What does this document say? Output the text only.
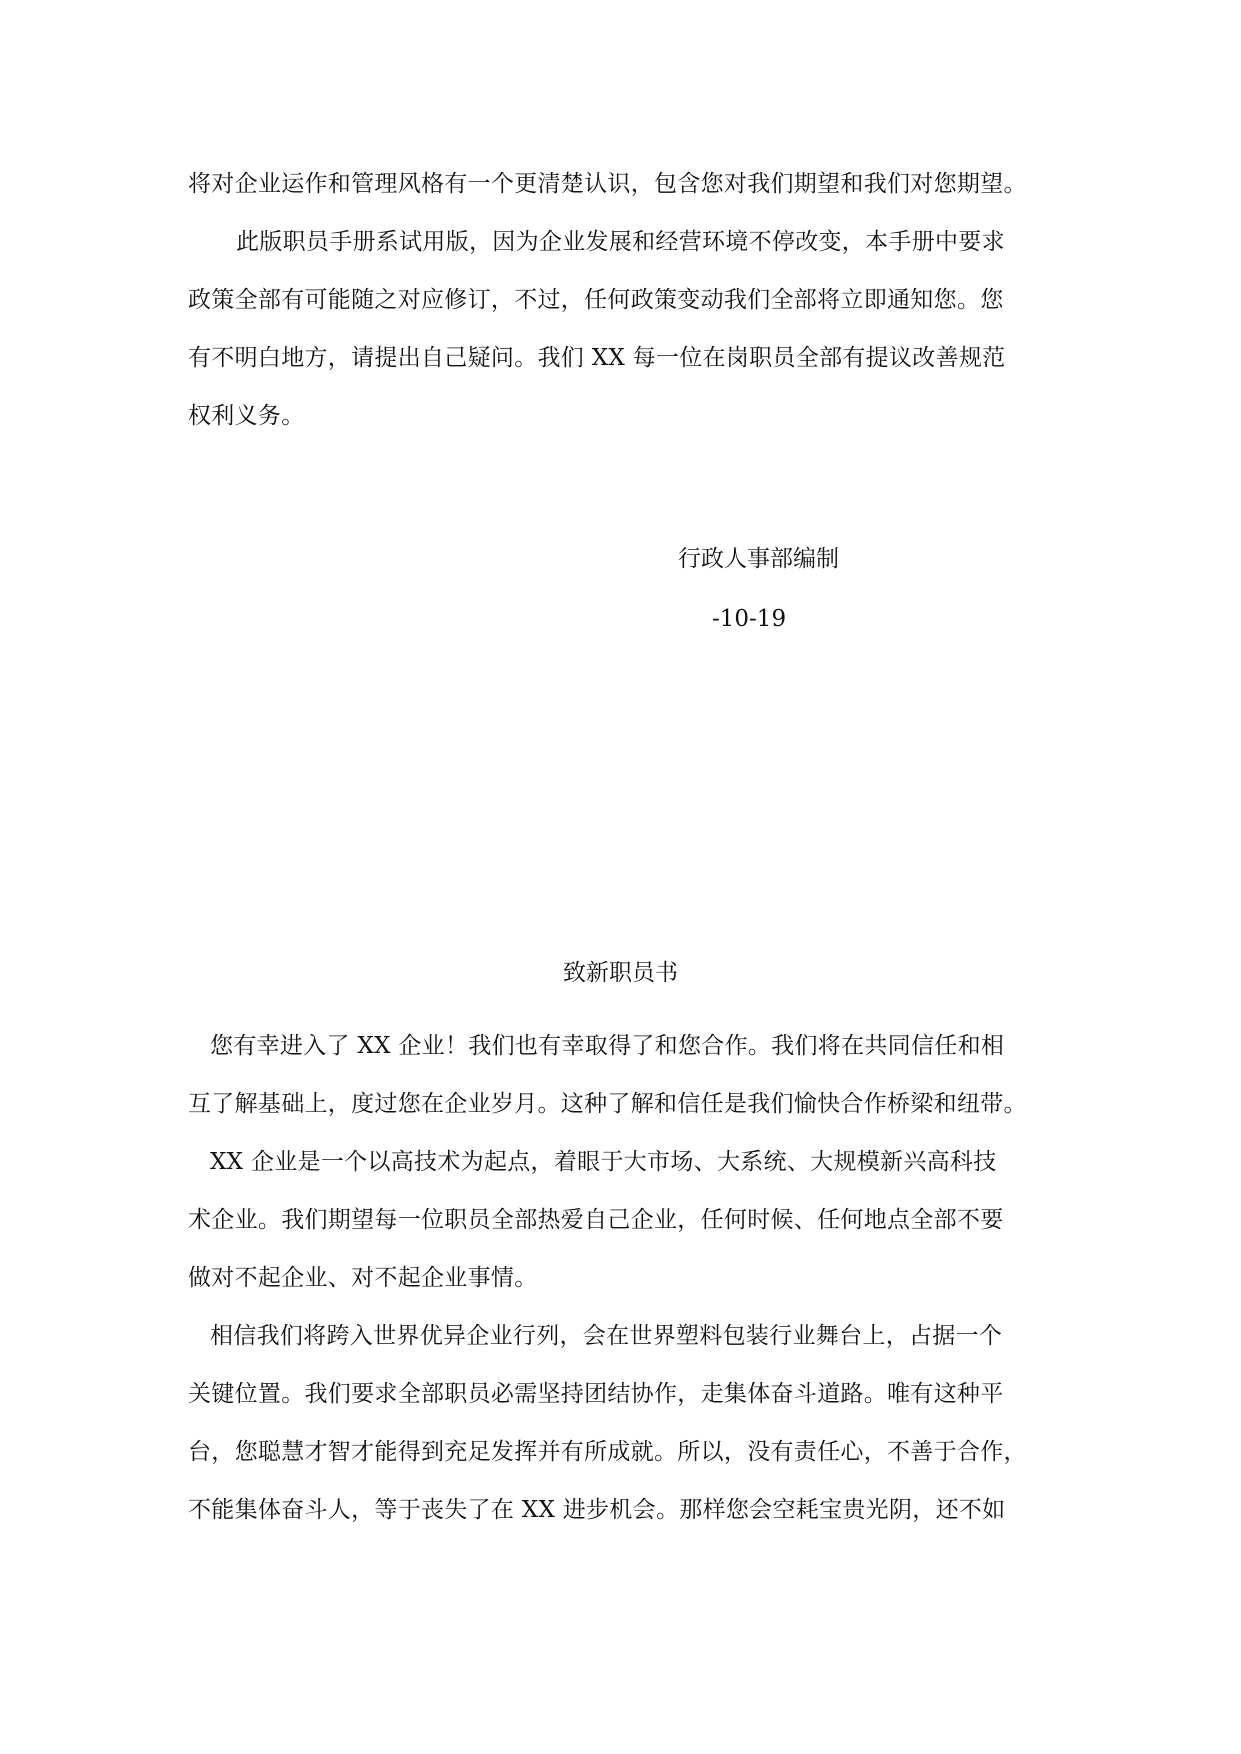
将对企业运作和管理风格有一个更清楚认识，包含您对我们期望和我们对您期望。

此版职员手册系试用版，因为企业发展和经营环境不停改变，本手册中要求
政策全部有可能随之对应修订，不过，任何政策变动我们全部将立即通知您。您
有不明白地方，请提出自己疑问。我们 XX 每一位在岗职员全部有提议改善规范
权利义务。

行政人事部编制
-10-19
致新职员书

您有幸进入了 XX 企业！我们也有幸取得了和您合作。我们将在共同信任和相
互了解基础上，度过您在企业岁月。这种了解和信任是我们愉快合作桥梁和纽带。

XX 企业是一个以高技术为起点，着眼于大市场、大系统、大规模新兴高科技
术企业。我们期望每一位职员全部热爱自己企业，任何时候、任何地点全部不要
做对不起企业、对不起企业事情。

相信我们将跨入世界优异企业行列，会在世界塑料包装行业舞台上，占据一个
关键位置。我们要求全部职员必需坚持团结协作，走集体奋斗道路。唯有这种平
台，您聪慧才智才能得到充足发挥并有所成就。所以，没有责任心，不善于合作，
不能集体奋斗人，等于丧失了在 XX 进步机会。那样您会空耗宝贵光阴，还不如
